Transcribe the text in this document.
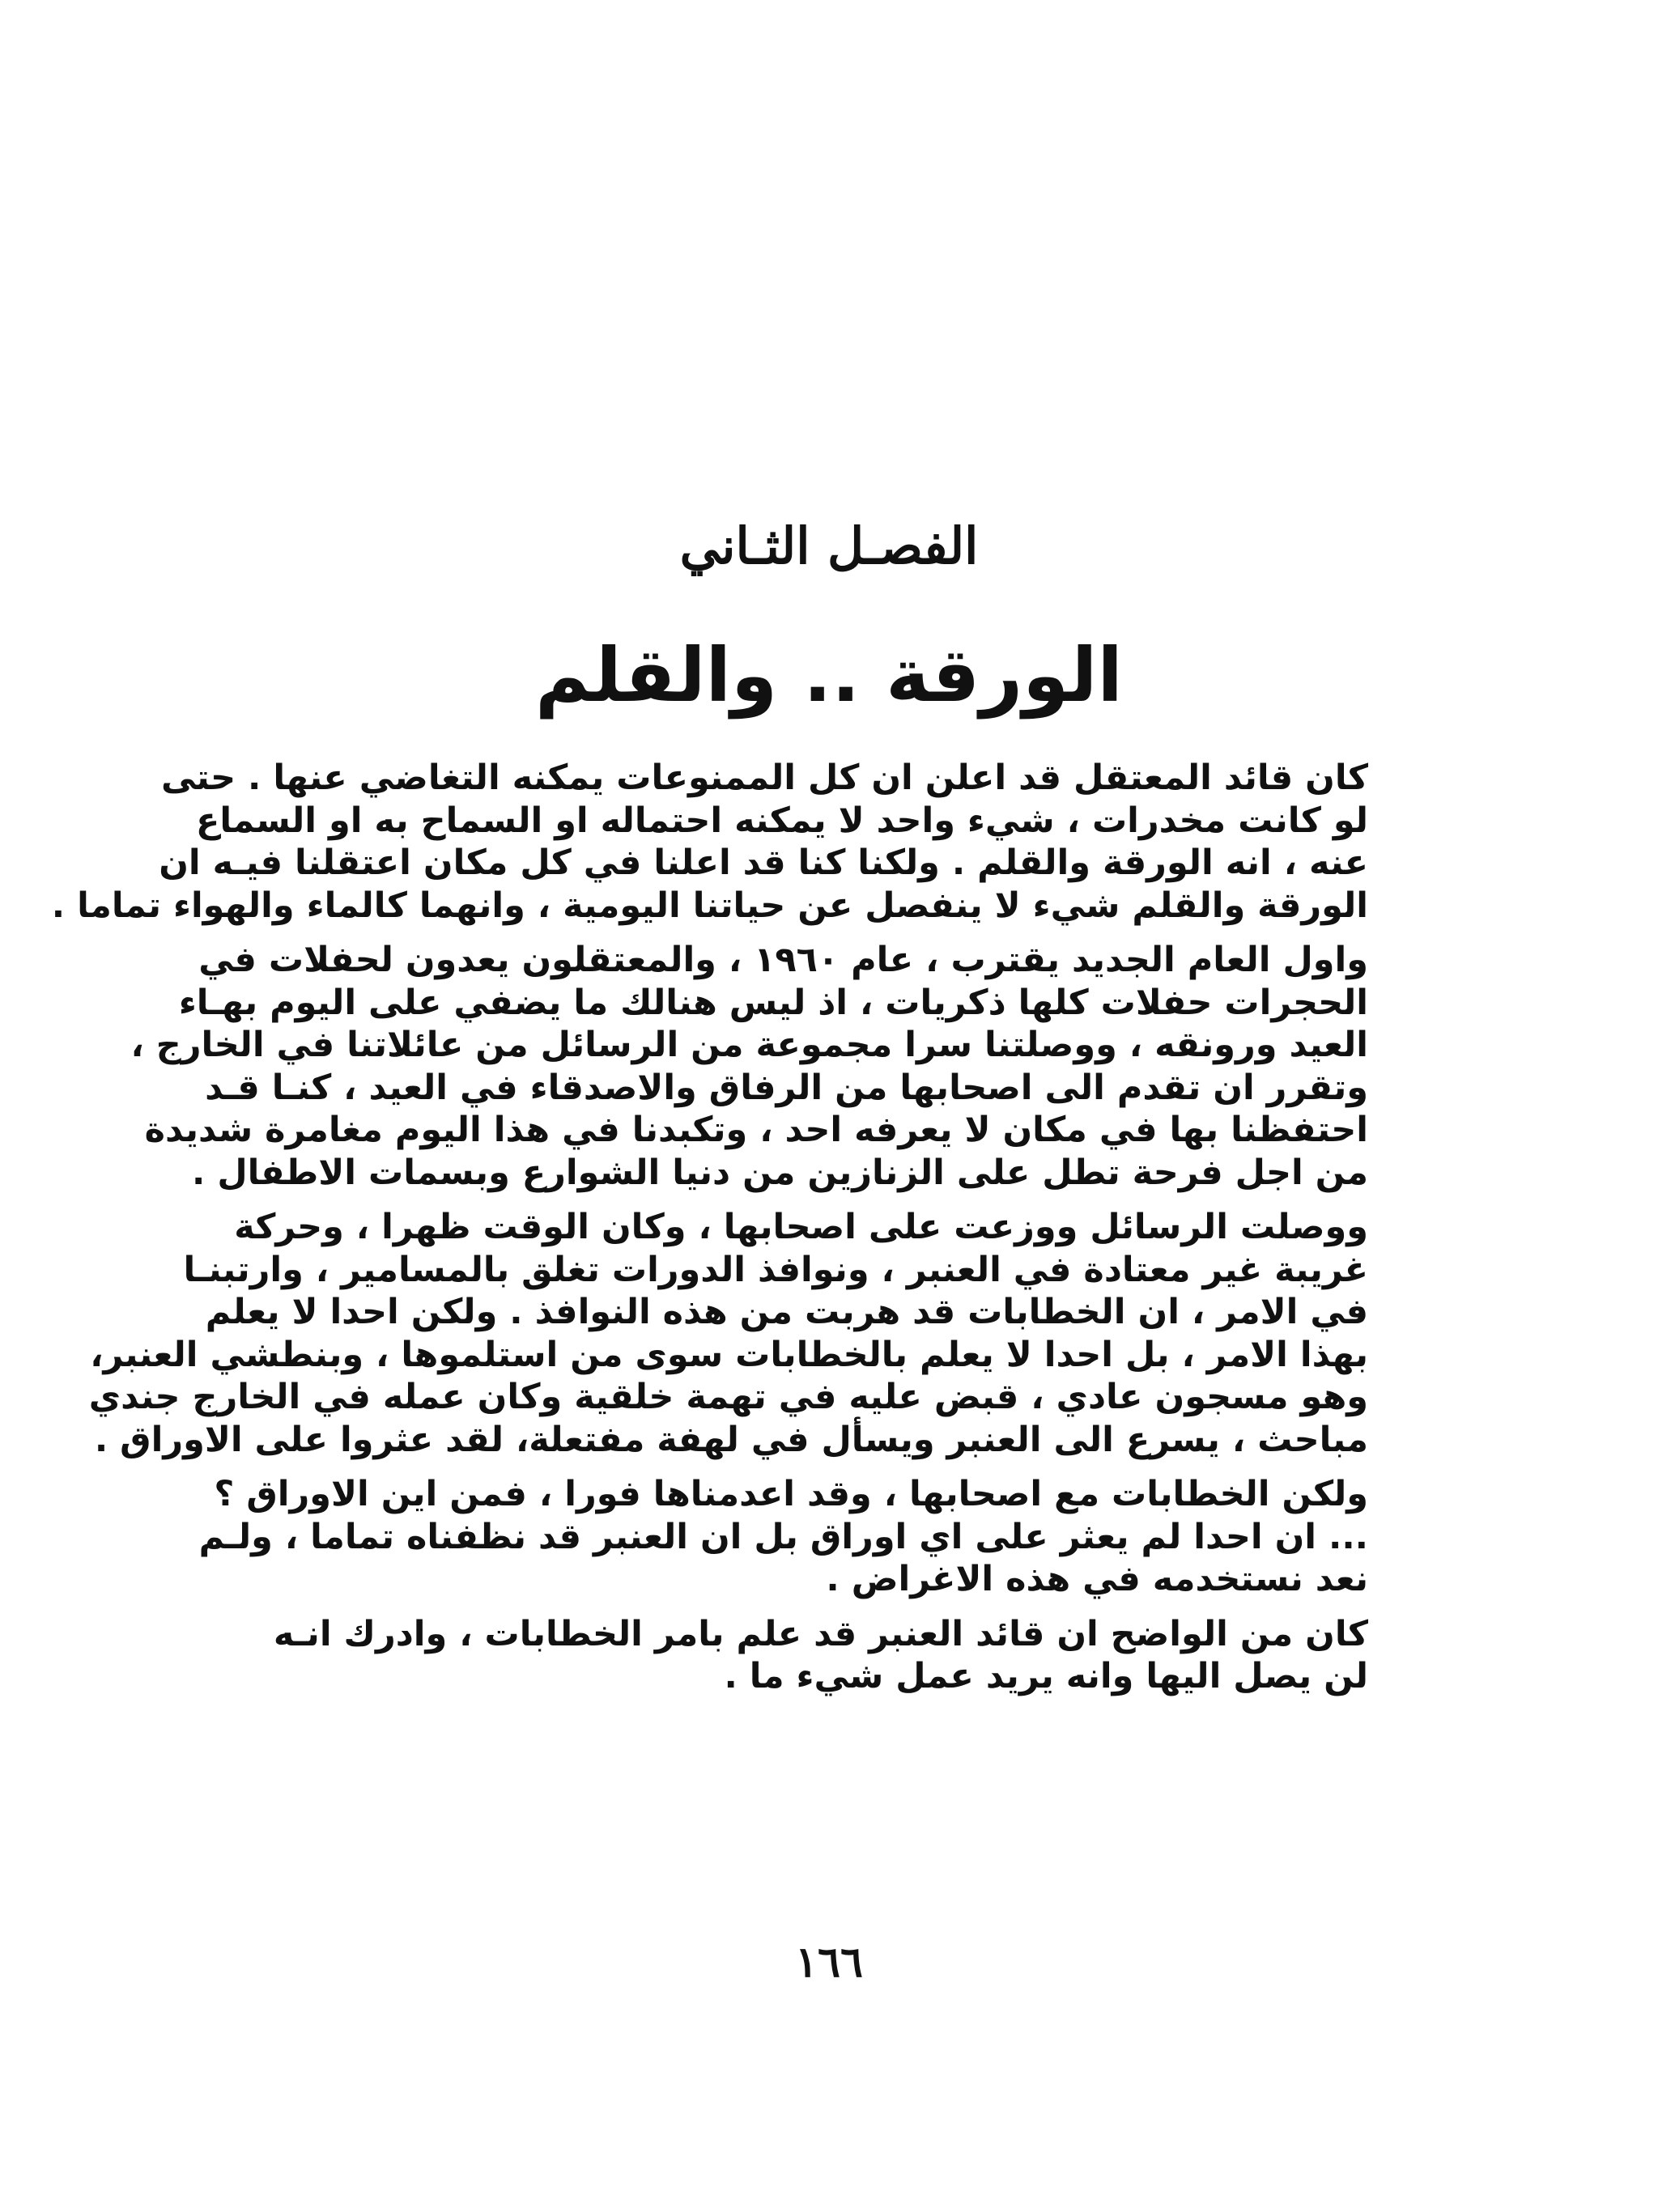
الفصـل الثـاني
الورقة .. والقلم
كان قائد المعتقل قد اعلن ان كل الممنوعات يمكنه التغاضي عنها . حتى
لو كانت مخدرات ، شيء واحد لا يمكنه احتماله او السماح به او السماع
عنه ، انه الورقة والقلم . ولكنا كنا قد اعلنا في كل مكان اعتقلنا فيـه ان
الورقة والقلم شيء لا ينفصل عن حياتنا اليومية ، وانهما كالماء والهواء تماما .
واول العام الجديد يقترب ، عام ١٩٦٠ ، والمعتقلون يعدون لحفلات في
الحجرات حفلات كلها ذكريات ، اذ ليس هنالك ما يضفي على اليوم بهـاء
العيد ورونقه ، ووصلتنا سرا مجموعة من الرسائل من عائلاتنا في الخارج ،
وتقرر ان تقدم الى اصحابها من الرفاق والاصدقاء في العيد ، كنـا قـد
احتفظنا بها في مكان لا يعرفه احد ، وتكبدنا في هذا اليوم مغامرة شديدة
من اجل فرحة تطل على الزنازين من دنيا الشوارع وبسمات الاطفال .
ووصلت الرسائل ووزعت على اصحابها ، وكان الوقت ظهرا ، وحركة
غريبة غير معتادة في العنبر ، ونوافذ الدورات تغلق بالمسامير ، وارتبنـا
في الامر ، ان الخطابات قد هربت من هذه النوافذ . ولكن احدا لا يعلم
بهذا الامر ، بل احدا لا يعلم بالخطابات سوى من استلموها ، وبنطشي العنبر،
وهو مسجون عادي ، قبض عليه في تهمة خلقية وكان عمله في الخارج جندي
مباحث ، يسرع الى العنبر ويسأل في لهفة مفتعلة، لقد عثروا على الاوراق .
ولكن الخطابات مع اصحابها ، وقد اعدمناها فورا ، فمن اين الاوراق ؟
... ان احدا لم يعثر على اي اوراق بل ان العنبر قد نظفناه تماما ، ولـم
نعد نستخدمه في هذه الاغراض .
كان من الواضح ان قائد العنبر قد علم بامر الخطابات ، وادرك انـه
لن يصل اليها وانه يريد عمل شيء ما .
١٦٦
